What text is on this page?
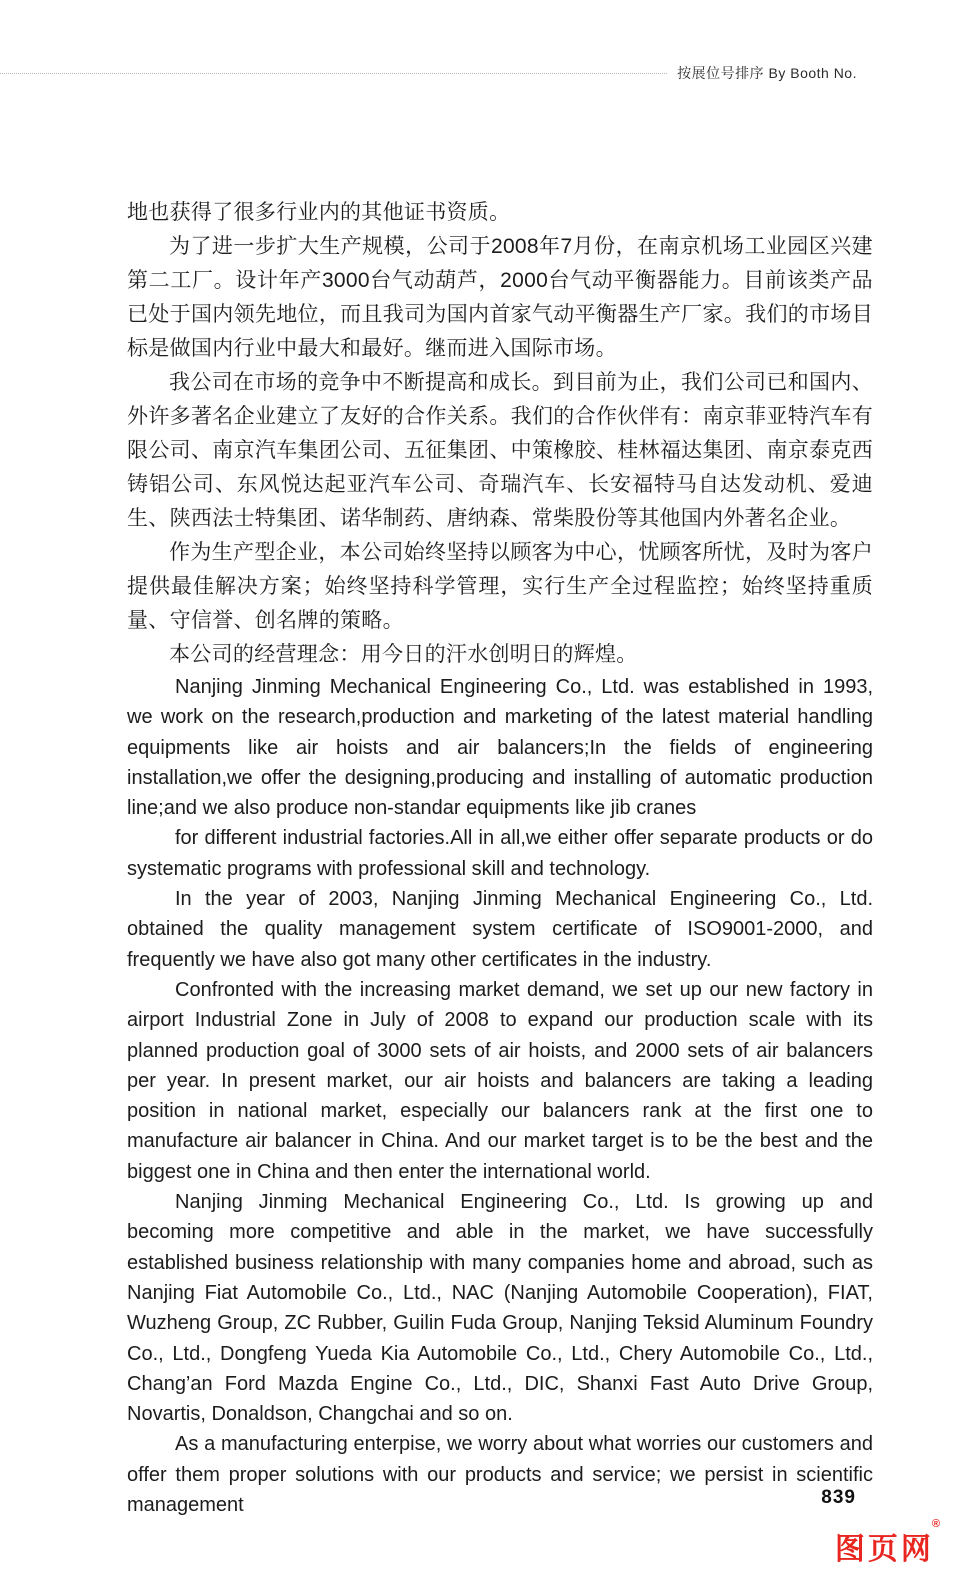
按展位号排序 By Booth No.

地也获得了很多行业内的其他证书资质。

为了进一步扩大生产规模，公司于2008年7月份，在南京机场工业园区兴建第二工厂。设计年产3000台气动葫芦，2000台气动平衡器能力。目前该类产品已处于国内领先地位，而且我司为国内首家气动平衡器生产厂家。我们的市场目标是做国内行业中最大和最好。继而进入国际市场。

我公司在市场的竞争中不断提高和成长。到目前为止，我们公司已和国内、外许多著名企业建立了友好的合作关系。我们的合作伙伴有：南京菲亚特汽车有限公司、南京汽车集团公司、五征集团、中策橡胶、桂林福达集团、南京泰克西铸铝公司、东风悦达起亚汽车公司、奇瑞汽车、长安福特马自达发动机、爱迪生、陕西法士特集团、诺华制药、唐纳森、常柴股份等其他国内外著名企业。

作为生产型企业，本公司始终坚持以顾客为中心，忧顾客所忧，及时为客户提供最佳解决方案；始终坚持科学管理，实行生产全过程监控；始终坚持重质量、守信誉、创名牌的策略。

本公司的经营理念：用今日的汗水创明日的辉煌。

Nanjing Jinming Mechanical Engineering Co., Ltd. was established in 1993, we work on the research,production and marketing of the latest material handling equipments like air hoists and air balancers;In the fields of engineering installation,we offer the designing,producing and installing of automatic production line;and we also produce non-standar equipments like jib cranes

for different industrial factories.All in all,we either offer separate products or do systematic programs with professional skill and technology.

In the year of 2003, Nanjing Jinming Mechanical Engineering Co., Ltd. obtained the quality management system certificate of ISO9001-2000, and frequently we have also got many other certificates in the industry.

Confronted with the increasing market demand, we set up our new factory in airport Industrial Zone in July of 2008 to expand our production scale with its planned production goal of 3000 sets of air hoists, and 2000 sets of air balancers per year. In present market, our air hoists and balancers are taking a leading position in national market, especially our balancers rank at the first one to manufacture air balancer in China. And our market target is to be the best and the biggest one in China and then enter the international world.

Nanjing Jinming Mechanical Engineering Co., Ltd. Is growing up and becoming more competitive and able in the market, we have successfully established business relationship with many companies home and abroad, such as Nanjing Fiat Automobile Co., Ltd., NAC (Nanjing Automobile Cooperation), FIAT, Wuzheng Group, ZC Rubber, Guilin Fuda Group, Nanjing Teksid Aluminum Foundry Co., Ltd., Dongfeng Yueda Kia Automobile Co., Ltd., Chery Automobile Co., Ltd., Chang’an Ford Mazda Engine Co., Ltd., DIC, Shanxi Fast Auto Drive Group, Novartis, Donaldson, Changchai and so on.

As a manufacturing enterpise, we worry about what worries our customers and offer them proper solutions with our products and service; we persist in scientific management	839
图页网®
